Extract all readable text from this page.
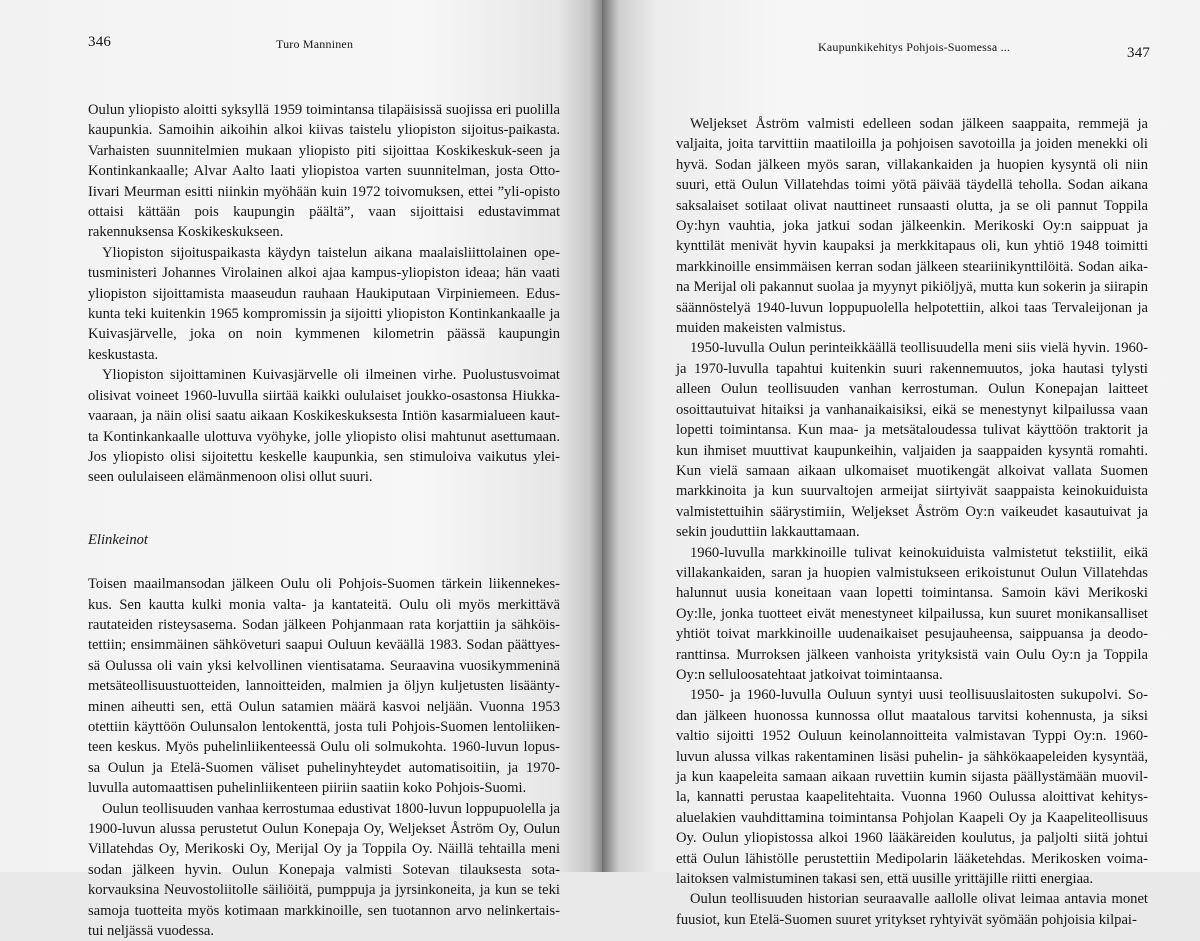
346	Turo Manninen

Oulun yliopisto aloitti syksyllä 1959 toimintansa tilapäisissä suojissa eri puolilla kaupunkia. Samoihin aikoihin alkoi kiivas taistelu yliopiston sijoitus-paikasta. Varhaisten suunnitelmien mukaan yliopisto piti sijoittaa Koskikeskuk-seen ja Kontinkankaalle; Alvar Aalto laati yliopistoa varten suunnitelman, josta Otto-Iivari Meurman esitti niinkin myöhään kuin 1972 toivomuksen, ettei ”yli-opisto ottaisi kättään pois kaupungin päältä”, vaan sijoittaisi edustavimmat rakennuksensa Koskikeskukseen.

Yliopiston sijoituspaikasta käydyn taistelun aikana maalaisliittolainen ope-tusministeri Johannes Virolainen alkoi ajaa kampus-yliopiston ideaa; hän vaati yliopiston sijoittamista maaseudun rauhaan Haukiputaan Virpiniemeen. Edus-kunta teki kuitenkin 1965 kompromissin ja sijoitti yliopiston Kontinkankaalle ja Kuivasjärvelle, joka on noin kymmenen kilometrin päässä kaupungin keskustasta.

Yliopiston sijoittaminen Kuivasjärvelle oli ilmeinen virhe. Puolustusvoimat olisivat voineet 1960-luvulla siirtää kaikki oululaiset joukko-osastonsa Hiukka-vaaraan, ja näin olisi saatu aikaan Koskikeskuksesta Intiön kasarmialueen kaut-ta Kontinkankaalle ulottuva vyöhyke, jolle yliopisto olisi mahtunut asettumaan. Jos yliopisto olisi sijoitettu keskelle kaupunkia, sen stimuloiva vaikutus ylei-seen oululaiseen elämänmenoon olisi ollut suuri.

Elinkeinot

Toisen maailmansodan jälkeen Oulu oli Pohjois-Suomen tärkein liikennekes-kus. Sen kautta kulki monia valta- ja kantateitä. Oulu oli myös merkittävä rautateiden risteysasema. Sodan jälkeen Pohjanmaan rata korjattiin ja sähköis-tettiin; ensimmäinen sähköveturi saapui Ouluun keväällä 1983. Sodan päättyes-sä Oulussa oli vain yksi kelvollinen vientisatama. Seuraavina vuosikymmeninä metsäteollisuustuotteiden, lannoitteiden, malmien ja öljyn kuljetusten lisäänty-minen aiheutti sen, että Oulun satamien määrä kasvoi neljään. Vuonna 1953 otettiin käyttöön Oulunsalon lentokenttä, josta tuli Pohjois-Suomen lentoliiken-teen keskus. Myös puhelinliikenteessä Oulu oli solmukohta. 1960-luvun lopus-sa Oulun ja Etelä-Suomen väliset puhelinyhteydet automatisoitiin, ja 1970-luvulla automaattisen puhelinliikenteen piiriin saatiin koko Pohjois-Suomi.

Oulun teollisuuden vanhaa kerrostumaa edustivat 1800-luvun loppupuolella ja 1900-luvun alussa perustetut Oulun Konepaja Oy, Weljekset Åström Oy, Oulun Villatehdas Oy, Merikoski Oy, Merijal Oy ja Toppila Oy. Näillä tehtailla meni sodan jälkeen hyvin. Oulun Konepaja valmisti Sotevan tilauksesta sota-korvauksina Neuvostoliitolle säiliöitä, pumppuja ja jyrsinkoneita, ja kun se teki samoja tuotteita myös kotimaan markkinoille, sen tuotannon arvo nelinkertais-tui neljässä vuodessa.

Kaupunkikehitys Pohjois-Suomessa ...	347

Weljekset Åström valmisti edelleen sodan jälkeen saappaita, remmejä ja valjaita, joita tarvittiin maatiloilla ja pohjoisen savotoilla ja joiden menekki oli hyvä. Sodan jälkeen myös saran, villakankaiden ja huopien kysyntä oli niin suuri, että Oulun Villatehdas toimi yötä päivää täydellä teholla. Sodan aikana saksalaiset sotilaat olivat nauttineet runsaasti olutta, ja se oli pannut Toppila Oy:hyn vauhtia, joka jatkui sodan jälkeenkin. Merikoski Oy:n saippuat ja kynttilät menivät hyvin kaupaksi ja merkkitapaus oli, kun yhtiö 1948 toimitti markkinoille ensimmäisen kerran sodan jälkeen steariinikynttilöitä. Sodan aika-na Merijal oli pakannut suolaa ja myynyt pikiöljyä, mutta kun sokerin ja siirapin säännöstelyä 1940-luvun loppupuolella helpotettiin, alkoi taas Tervaleijonan ja muiden makeisten valmistus.

1950-luvulla Oulun perinteikkäällä teollisuudella meni siis vielä hyvin. 1960- ja 1970-luvulla tapahtui kuitenkin suuri rakennemuutos, joka hautasi tylysti alleen Oulun teollisuuden vanhan kerrostuman. Oulun Konepajan laitteet osoittautuivat hitaiksi ja vanhanaikaisiksi, eikä se menestynyt kilpailussa vaan lopetti toimintansa. Kun maa- ja metsätaloudessa tulivat käyttöön traktorit ja kun ihmiset muuttivat kaupunkeihin, valjaiden ja saappaiden kysyntä romahti. Kun vielä samaan aikaan ulkomaiset muotikengät alkoivat vallata Suomen markkinoita ja kun suurvaltojen armeijat siirtyivät saappaista keinokuiduista valmistettuihin säärystimiin, Weljekset Åström Oy:n vaikeudet kasautuivat ja sekin jouduttiin lakkauttamaan.

1960-luvulla markkinoille tulivat keinokuiduista valmistetut tekstiilit, eikä villakankaiden, saran ja huopien valmistukseen erikoistunut Oulun Villatehdas halunnut uusia koneitaan vaan lopetti toimintansa. Samoin kävi Merikoski Oy:lle, jonka tuotteet eivät menestyneet kilpailussa, kun suuret monikansalliset yhtiöt toivat markkinoille uudenaikaiset pesujauheensa, saippuansa ja deodo-ranttinsa. Murroksen jälkeen vanhoista yrityksistä vain Oulu Oy:n ja Toppila Oy:n selluloosatehtaat jatkoivat toimintaansa.

1950- ja 1960-luvulla Ouluun syntyi uusi teollisuuslaitosten sukupolvi. So-dan jälkeen huonossa kunnossa ollut maatalous tarvitsi kohennusta, ja siksi valtio sijoitti 1952 Ouluun keinolannoitteita valmistavan Typpi Oy:n. 1960-luvun alussa vilkas rakentaminen lisäsi puhelin- ja sähkökaapeleiden kysyntää, ja kun kaapeleita samaan aikaan ruvettiin kumin sijasta päällystämään muovil-la, kannatti perustaa kaapelitehtaita. Vuonna 1960 Oulussa aloittivat kehitys-aluelakien vauhdittamina toimintansa Pohjolan Kaapeli Oy ja Kaapeliteollisuus Oy. Oulun yliopistossa alkoi 1960 lääkäreiden koulutus, ja paljolti siitä johtui että Oulun lähistölle perustettiin Medipolarin lääketehdas. Merikosken voima-laitoksen valmistuminen takasi sen, että uusille yrittäjille riitti energiaa.

Oulun teollisuuden historian seuraavalle aallolle olivat leimaa antavia monet fuusiot, kun Etelä-Suomen suuret yritykset ryhtyivät syömään pohjoisia kilpai-
